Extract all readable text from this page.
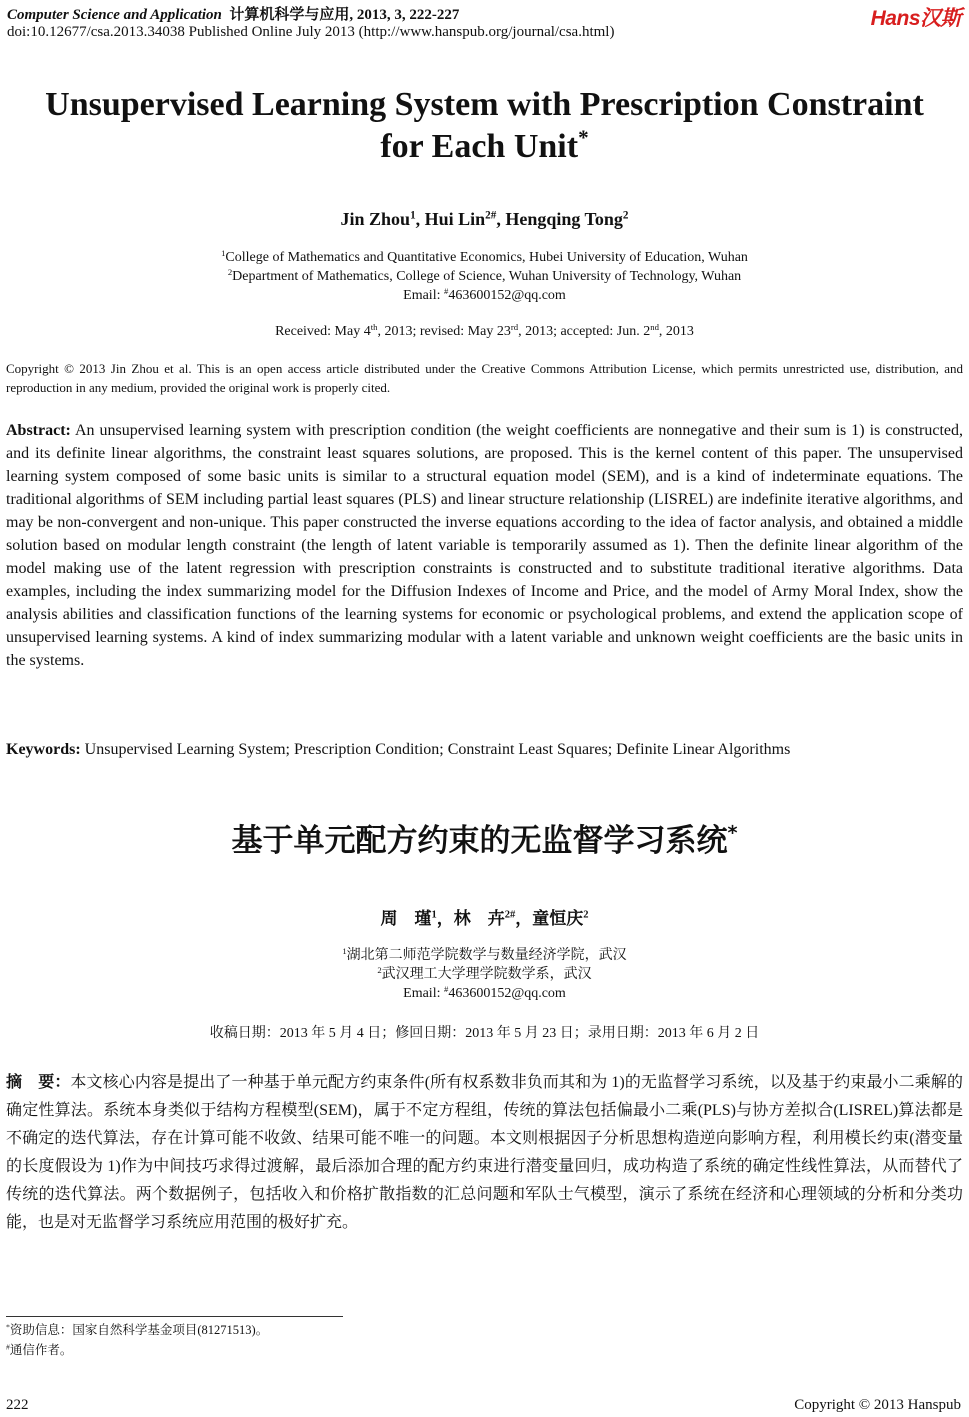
Computer Science and Application 计算机科学与应用, 2013, 3, 222-227
doi:10.12677/csa.2013.34038 Published Online July 2013 (http://www.hanspub.org/journal/csa.html)
Hans汉斯
Unsupervised Learning System with Prescription Constraint
for Each Unit*
Jin Zhou$^1$, Hui Lin$^{2\#}$, Hengqing Tong$^2$
$^1$College of Mathematics and Quantitative Economics, Hubei University of Education, Wuhan
$^2$Department of Mathematics, College of Science, Wuhan University of Technology, Wuhan
Email: #463600152@qq.com
Received: May 4th, 2013; revised: May 23rd, 2013; accepted: Jun. 2nd, 2013
Copyright © 2013 Jin Zhou et al. This is an open access article distributed under the Creative Commons Attribution License, which permits unrestricted use, distribution, and reproduction in any medium, provided the original work is properly cited.
Abstract: An unsupervised learning system with prescription condition (the weight coefficients are nonnegative and their sum is 1) is constructed, and its definite linear algorithms, the constraint least squares solutions, are proposed. This is the kernel content of this paper. The unsupervised learning system composed of some basic units is similar to a structural equation model (SEM), and is a kind of indeterminate equations. The traditional algorithms of SEM including partial least squares (PLS) and linear structure relationship (LISREL) are indefinite iterative algorithms, and may be non-convergent and non-unique. This paper constructed the inverse equations according to the idea of factor analysis, and obtained a middle solution based on modular length constraint (the length of latent variable is temporarily assumed as 1). Then the definite linear algorithm of the model making use of the latent regression with prescription constraints is constructed and to substitute traditional iterative algorithms. Data examples, including the index summarizing model for the Diffusion Indexes of Income and Price, and the model of Army Moral Index, show the analysis abilities and classification functions of the learning systems for economic or psychological problems, and extend the application scope of unsupervised learning systems. A kind of index summarizing modular with a latent variable and unknown weight coefficients are the basic units in the systems.
Keywords: Unsupervised Learning System; Prescription Condition; Constraint Least Squares; Definite Linear Algorithms
基于单元配方约束的无监督学习系统*
周　瑾$^1$，林　卉$^{2\#}$，童恒庆$^2$
$^1$湖北第二师范学院数学与数量经济学院，武汉
$^2$武汉理工大学理学院数学系，武汉
Email: #463600152@qq.com
收稿日期：2013 年 5 月 4 日；修回日期：2013 年 5 月 23 日；录用日期：2013 年 6 月 2 日
摘　要：本文核心内容是提出了一种基于单元配方约束条件(所有权系数非负而其和为 1)的无监督学习系统，以及基于约束最小二乘解的确定性算法。系统本身类似于结构方程模型(SEM)，属于不定方程组，传统的算法包括偏最小二乘(PLS)与协方差拟合(LISREL)算法都是不确定的迭代算法，存在计算可能不收敛、结果可能不唯一的问题。本文则根据因子分析思想构造逆向影响方程，利用模长约束(潜变量的长度假设为 1)作为中间技巧求得过渡解，最后添加合理的配方约束进行潜变量回归，成功构造了系统的确定性线性算法，从而替代了传统的迭代算法。两个数据例子，包括收入和价格扩散指数的汇总问题和军队士气模型，演示了系统在经济和心理领域的分析和分类功能，也是对无监督学习系统应用范围的极好扩充。
*资助信息：国家自然科学基金项目(81271513)。
#通信作者。
222	Copyright © 2013 Hanspub
